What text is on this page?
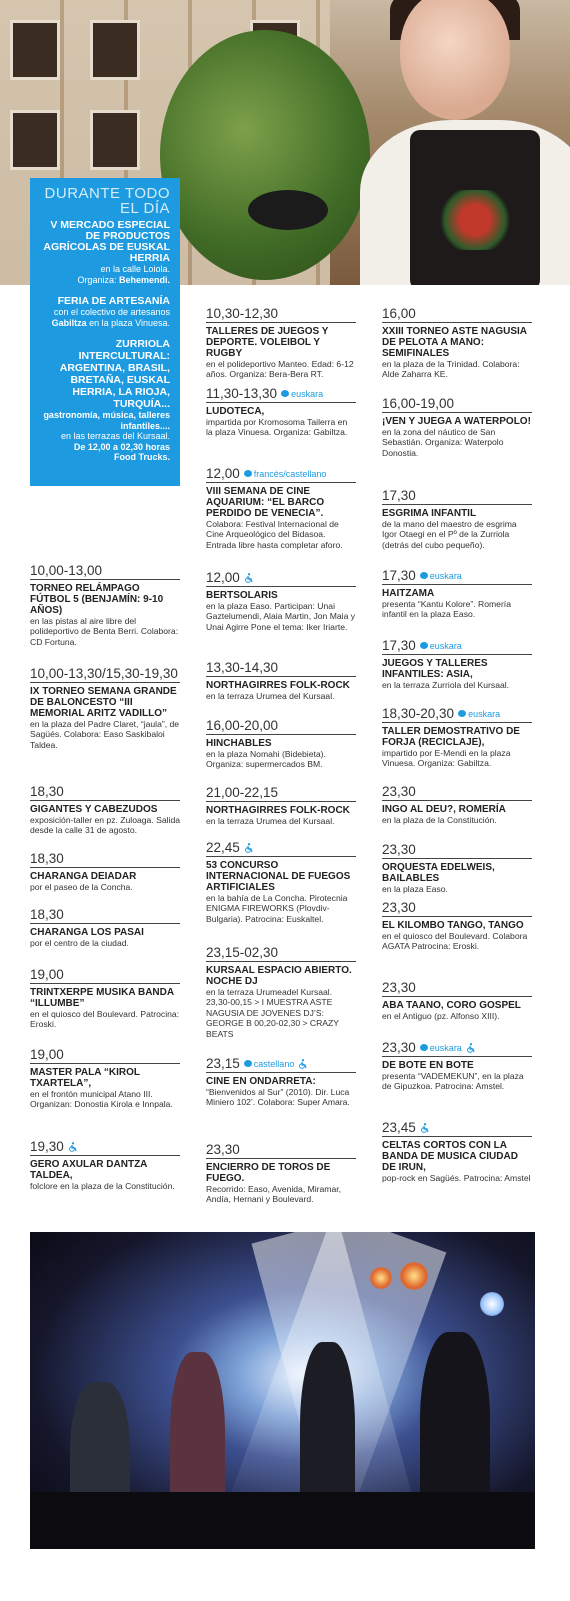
DURANTE TODO EL DÍA
V MERCADO ESPECIAL DE PRODUCTOS AGRÍCOLAS DE EUSKAL HERRIA
en la calle Loiola.
Organiza: Behemendi.
FERIA DE ARTESANÍA
con el colectivo de artesanos
Gabiltza en la plaza Vinuesa.
ZURRIOLA INTERCULTURAL: ARGENTINA, BRASIL, BRETAÑA, EUSKAL HERRIA, LA RIOJA, TURQUÍA...
gastronomía, música, talleres infantiles....
en las terrazas del Kursaal.
De 12,00 a 02,30 horas
Food Trucks.
10,00-13,00
TORNEO RELÁMPAGO FÚTBOL 5 (BENJAMÍN: 9-10 AÑOS)
en las pistas al aire libre del polideportivo de Benta Berri. Colabora: CD Fortuna.
10,00-13,30/15,30-19,30
IX TORNEO SEMANA GRANDE DE BALONCESTO “III MEMORIAL ARITZ VADILLO”
en la plaza del Padre Claret, “jaula”, de Sagüés. Colabora: Easo Saskibaloi Taldea.
18,30
GIGANTES Y CABEZUDOS
exposición-taller en pz. Zuloaga. Salida desde la calle 31 de agosto.
18,30
CHARANGA DEIADAR
por el paseo de la Concha.
18,30
CHARANGA LOS PASAI
por el centro de la ciudad.
19,00
TRINTXERPE MUSIKA BANDA “ILLUMBE”
en el quiosco del Boulevard. Patrocina: Eroski.
19,00
MASTER PALA “KIROL TXARTELA”,
en el frontón municipal Atano III. Organizan: Donostia Kirola e Innpala.
19,30
GERO AXULAR DANTZA TALDEA,
folclore en la plaza de la Constitución.
10,30-12,30
TALLERES DE JUEGOS Y DEPORTE. VOLEIBOL Y RUGBY
en el polideportivo Manteo. Edad: 6-12 años. Organiza: Bera-Bera RT.
11,30-13,30 euskara
LUDOTECA,
impartida por Kromosoma Tailerra en la plaza Vinuesa. Organiza: Gabiltza.
12,00 francés/castellano
VIII SEMANA DE CINE AQUARIUM: “EL BARCO PERDIDO DE VENECIA”.
Colabora: Festival Internacional de Cine Arqueológico del Bidasoa. Entrada libre hasta completar aforo.
12,00
BERTSOLARIS
en la plaza Easo. Participan: Unai Gaztelumendi, Alaia Martin, Jon Maia y Unai Agirre Pone el tema: Iker Iriarte.
13,30-14,30
NORTHAGIRRES FOLK-ROCK
en la terraza Urumea del Kursaal.
16,00-20,00
HINCHABLES
en la plaza Nomahi (Bidebieta). Organiza: supermercados BM.
21,00-22,15
NORTHAGIRRES FOLK-ROCK
en la terraza Urumea del Kursaal.
22,45
53 CONCURSO INTERNACIONAL DE FUEGOS ARTIFICIALES
en la bahía de La Concha. Pirotecnia ENIGMA FIREWORKS (Plovdiv-Bulgaria). Patrocina: Euskaltel.
23,15-02,30
KURSAAL ESPACIO ABIERTO. NOCHE DJ
en la terraza Urumeadel Kursaal. 23,30-00,15 > I MUESTRA ASTE NAGUSIA DE JOVENES DJ’S: GEORGE B 00,20-02,30 > CRAZY BEATS
23,15 castellano
CINE EN ONDARRETA:
“Bienvenidos al Sur” (2010). Dir. Luca Miniero 102’. Colabora: Super Amara.
23,30
ENCIERRO DE TOROS DE FUEGO.
Recorrido: Easo, Avenida, Miramar, Andía, Hernani y Boulevard.
16,00
XXIII TORNEO ASTE NAGUSIA DE PELOTA A MANO: SEMIFINALES
en la plaza de la Trinidad. Colabora: Alde Zaharra KE.
16,00-19,00
¡VEN Y JUEGA A WATERPOLO!
en la zona del náutico de San Sebastián. Organiza: Waterpolo Donostia.
17,30
ESGRIMA INFANTIL
de la mano del maestro de esgrima Igor Otaegi en el Pº de la Zurriola (detrás del cubo pequeño).
17,30 euskara
HAITZAMA
presenta “Kantu Kolore”. Romería infantil en la plaza Easo.
17,30 euskara
JUEGOS Y TALLERES INFANTILES: ASIA,
en la terraza Zurriola del Kursaal.
18,30-20,30 euskara
TALLER DEMOSTRATIVO DE FORJA (RECICLAJE),
impartido por E-Mendi en la plaza Vinuesa. Organiza: Gabiltza.
23,30
INGO AL DEU?, ROMERÍA
en la plaza de la Constitución.
23,30
ORQUESTA EDELWEIS, BAILABLES
en la plaza Easo.
23,30
EL KILOMBO TANGO, TANGO
en el quiosco del Boulevard. Colabora AGATA Patrocina: Eroski.
23,30
ABA TAANO, CORO GOSPEL
en el Antiguo (pz. Alfonso XIII).
23,30 euskara
DE BOTE EN BOTE
presenta “VADEMEKUN”, en la plaza de Gipuzkoa. Patrocina: Amstel.
23,45
CELTAS CORTOS CON LA BANDA DE MUSICA CIUDAD DE IRUN,
pop-rock en Sagüés. Patrocina: Amstel
